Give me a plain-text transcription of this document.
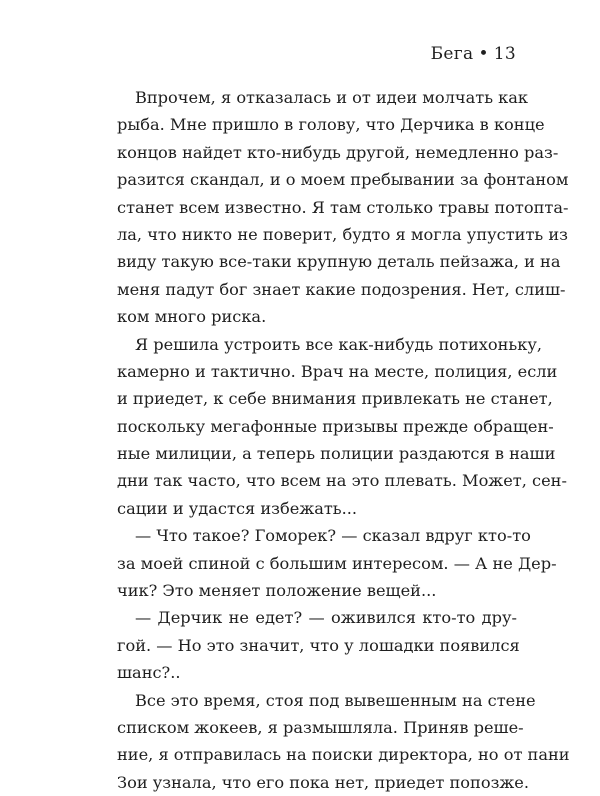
Бега • 13
Впрочем, я отказалась и от идеи молчать как
рыба. Мне пришло в голову, что Дерчика в конце
концов найдет кто-нибудь другой, немедленно раз-
разится скандал, и о моем пребывании за фонтаном
станет всем известно. Я там столько травы потоптa-
ла, что никто не поверит, будто я могла упустить из
виду такую все-таки крупную деталь пейзажа, и на
меня падут бог знает какие подозрения. Нет, слиш-
ком много риска.
Я решила устроить все как-нибудь потихоньку,
камерно и тактично. Врач на месте, полиция, если
и приедет, к себе внимания привлекать не станет,
поскольку мегафонные призывы прежде обращен-
ные милиции, а теперь полиции раздаются в наши
дни так часто, что всем на это плевать. Может, сен-
сации и удастся избежать...
— Что такое? Гоморек? — сказал вдруг кто-то
за моей спиной с большим интересом. — А не Дер-
чик? Это меняет положение вещей...
— Дерчик не едет? — оживился кто-то дру-
гой. — Но это значит, что у лошадки появился
шанс?..
Все это время, стоя под вывешенным на стене
списком жокеев, я размышляла. Приняв реше-
ние, я отправилась на поиски директора, но от пани
Зои узнала, что его пока нет, приедет попозже.
